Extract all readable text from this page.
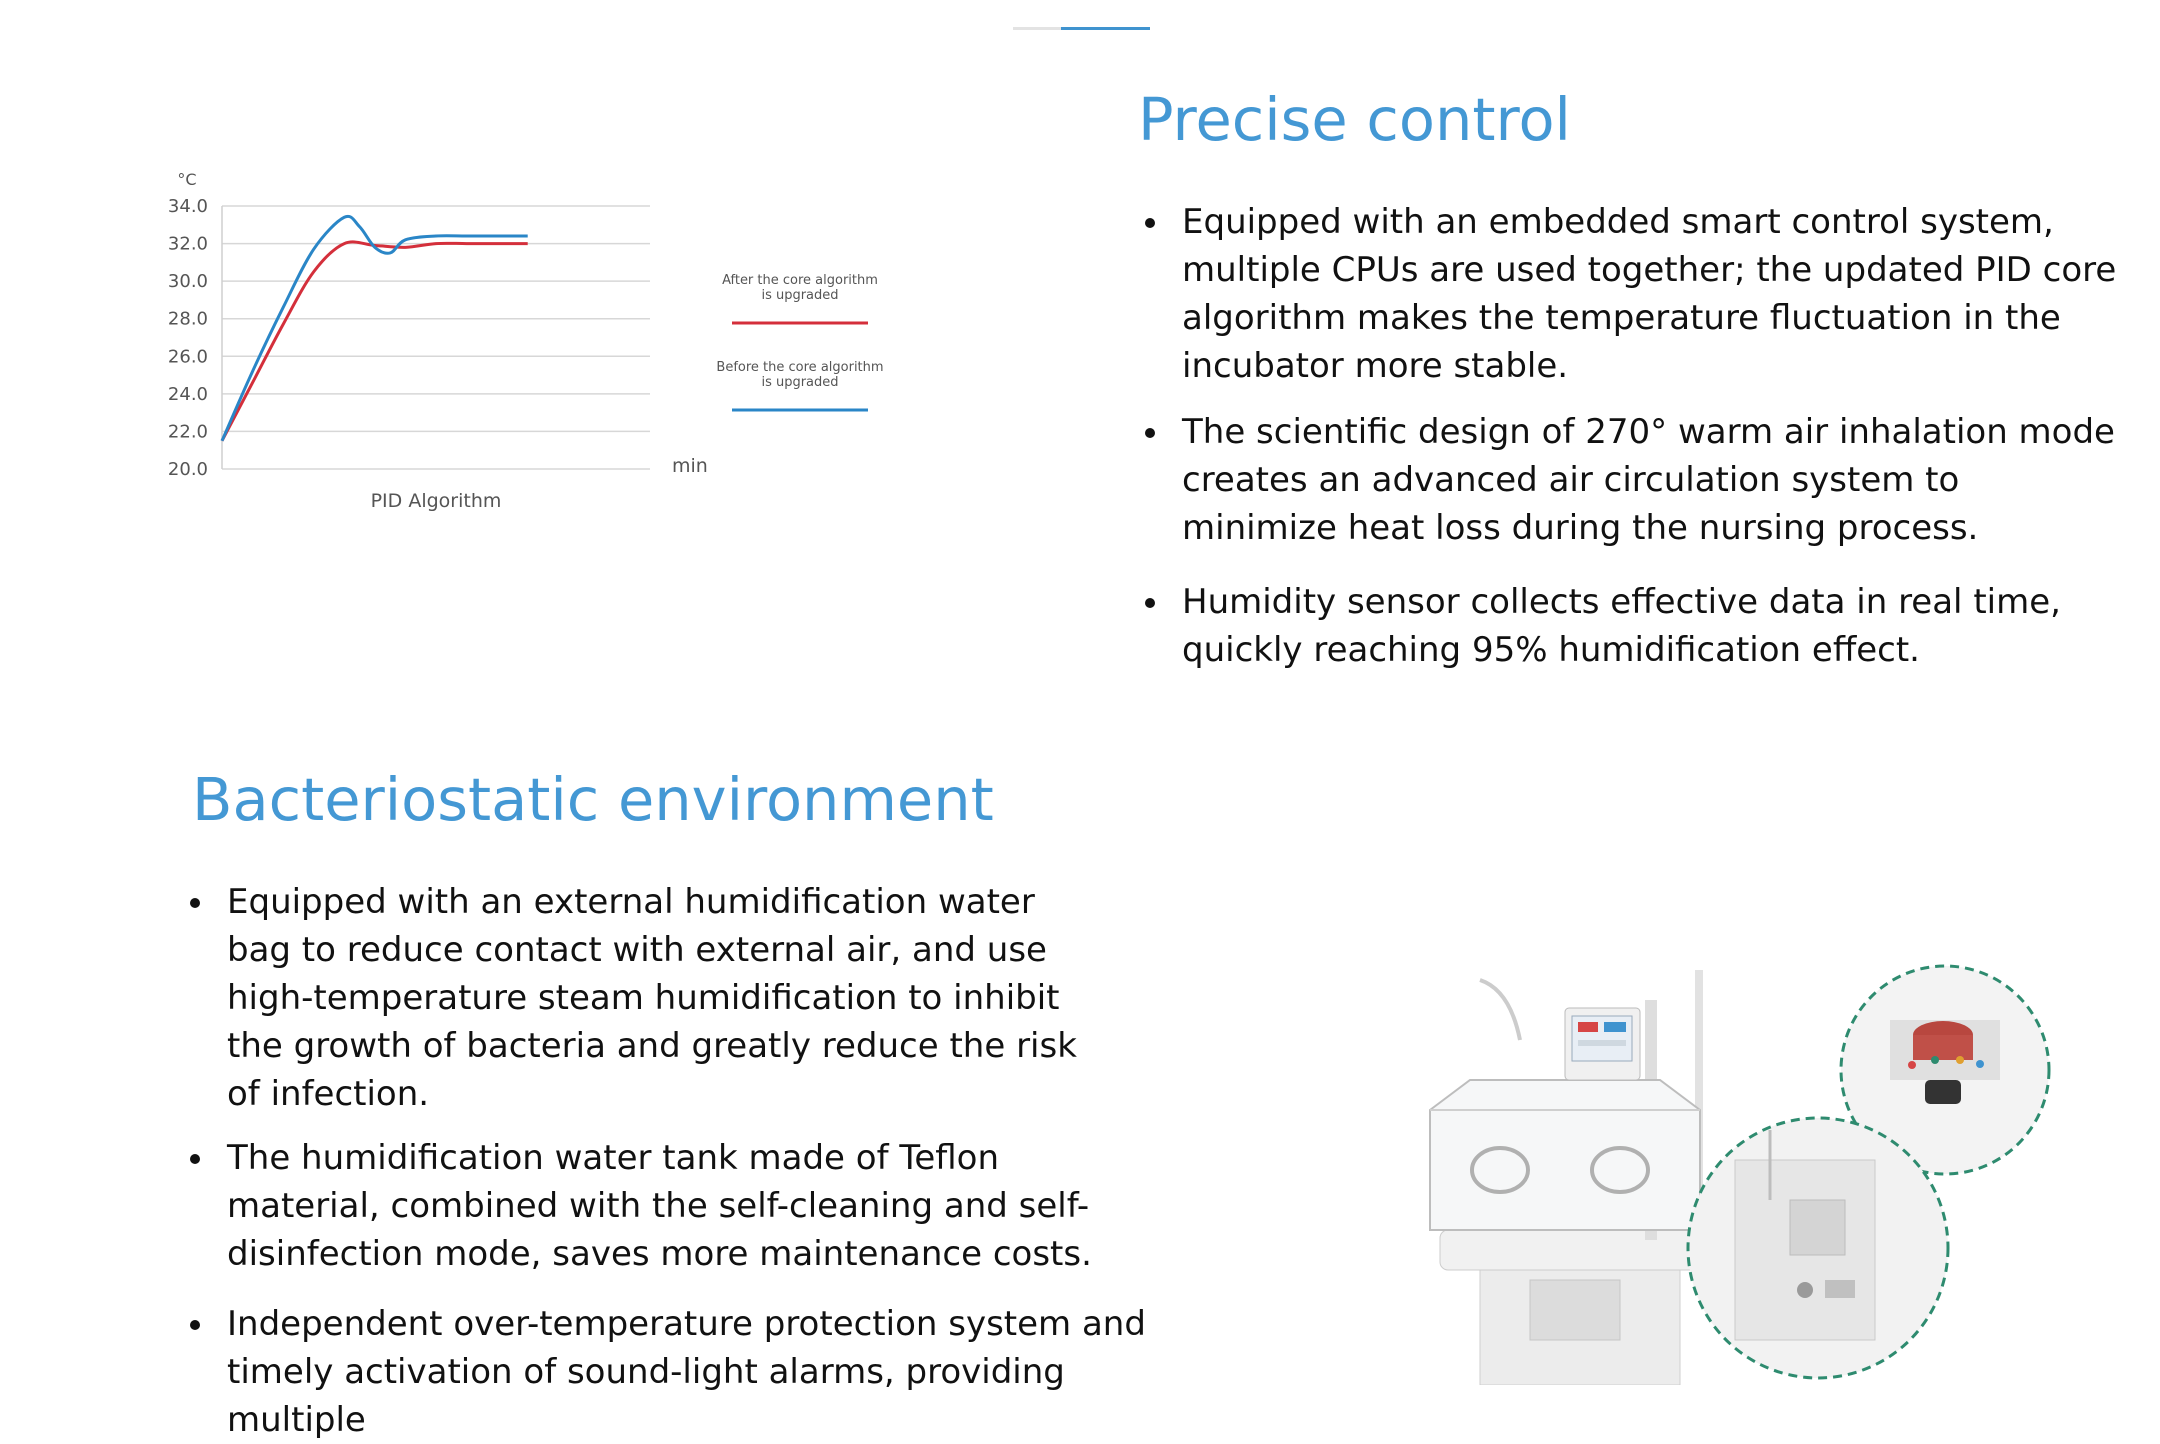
34.0
32.0
30.0
28.0
26.0
24.0
22.0
20.0
°C
min
PID Algorithm
After the core algorithm
is upgraded
Before the core algorithm
is upgraded
Precise control
Equipped with an embedded smart control system, multiple CPUs are used together; the updated PID core algorithm makes the temperature fluctuation in the incubator more stable.
The scientific design of 270° warm air inhalation mode creates an advanced air circulation system to minimize heat loss during the nursing process.
Humidity sensor collects effective data in real time, quickly reaching 95% humidification effect.
Bacteriostatic environment
Equipped with an external humidification water bag to reduce contact with external air, and use high-temperature steam humidification to inhibit the growth of bacteria and greatly reduce the risk of infection.
The humidification water tank made of Teflon material, combined with the self-cleaning and self-disinfection mode, saves more maintenance costs.
Independent over-temperature protection system and timely activation of sound-light alarms, providing multiple
